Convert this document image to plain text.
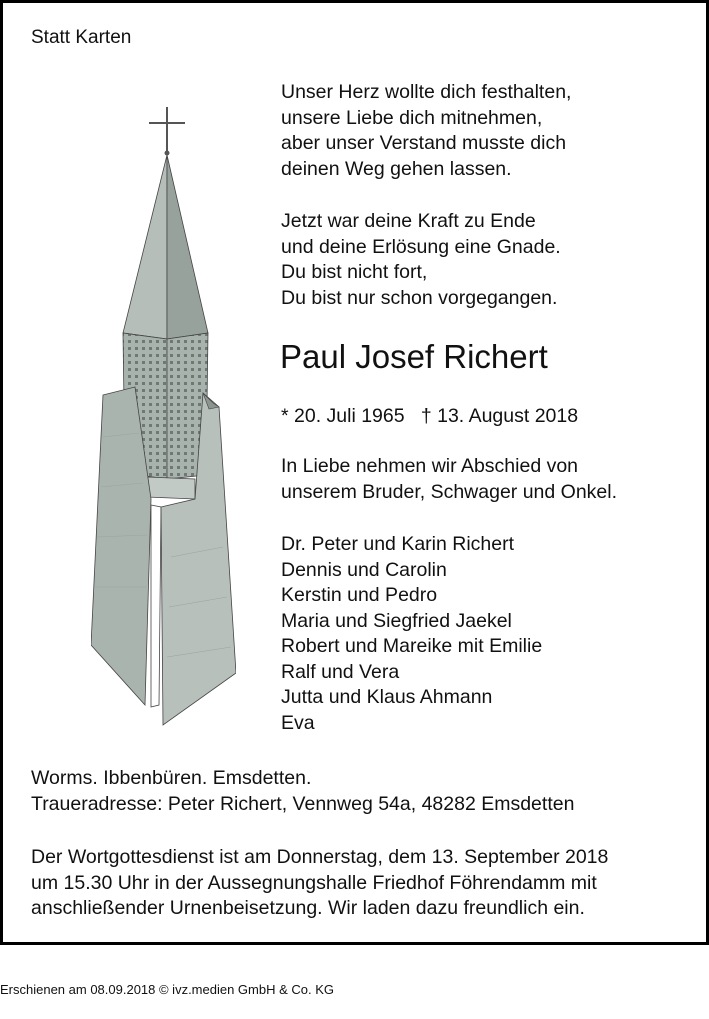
Statt Karten
Unser Herz wollte dich festhalten,
unsere Liebe dich mitnehmen,
aber unser Verstand musste dich
deinen Weg gehen lassen.
Jetzt war deine Kraft zu Ende
und deine Erlösung eine Gnade.
Du bist nicht fort,
Du bist nur schon vorgegangen.
Paul Josef Richert
* 20. Juli 1965 † 13. August 2018
In Liebe nehmen wir Abschied von
unserem Bruder, Schwager und Onkel.
Dr. Peter und Karin Richert
Dennis und Carolin
Kerstin und Pedro
Maria und Siegfried Jaekel
Robert und Mareike mit Emilie
Ralf und Vera
Jutta und Klaus Ahmann
Eva
Worms. Ibbenbüren. Emsdetten.
Traueradresse: Peter Richert, Vennweg 54a, 48282 Emsdetten
Der Wortgottesdienst ist am Donnerstag, dem 13. September 2018
um 15.30 Uhr in der Aussegnungshalle Friedhof Föhrendamm mit
anschließender Urnenbeisetzung. Wir laden dazu freundlich ein.
Erschienen am 08.09.2018 © ivz.medien GmbH & Co. KG
